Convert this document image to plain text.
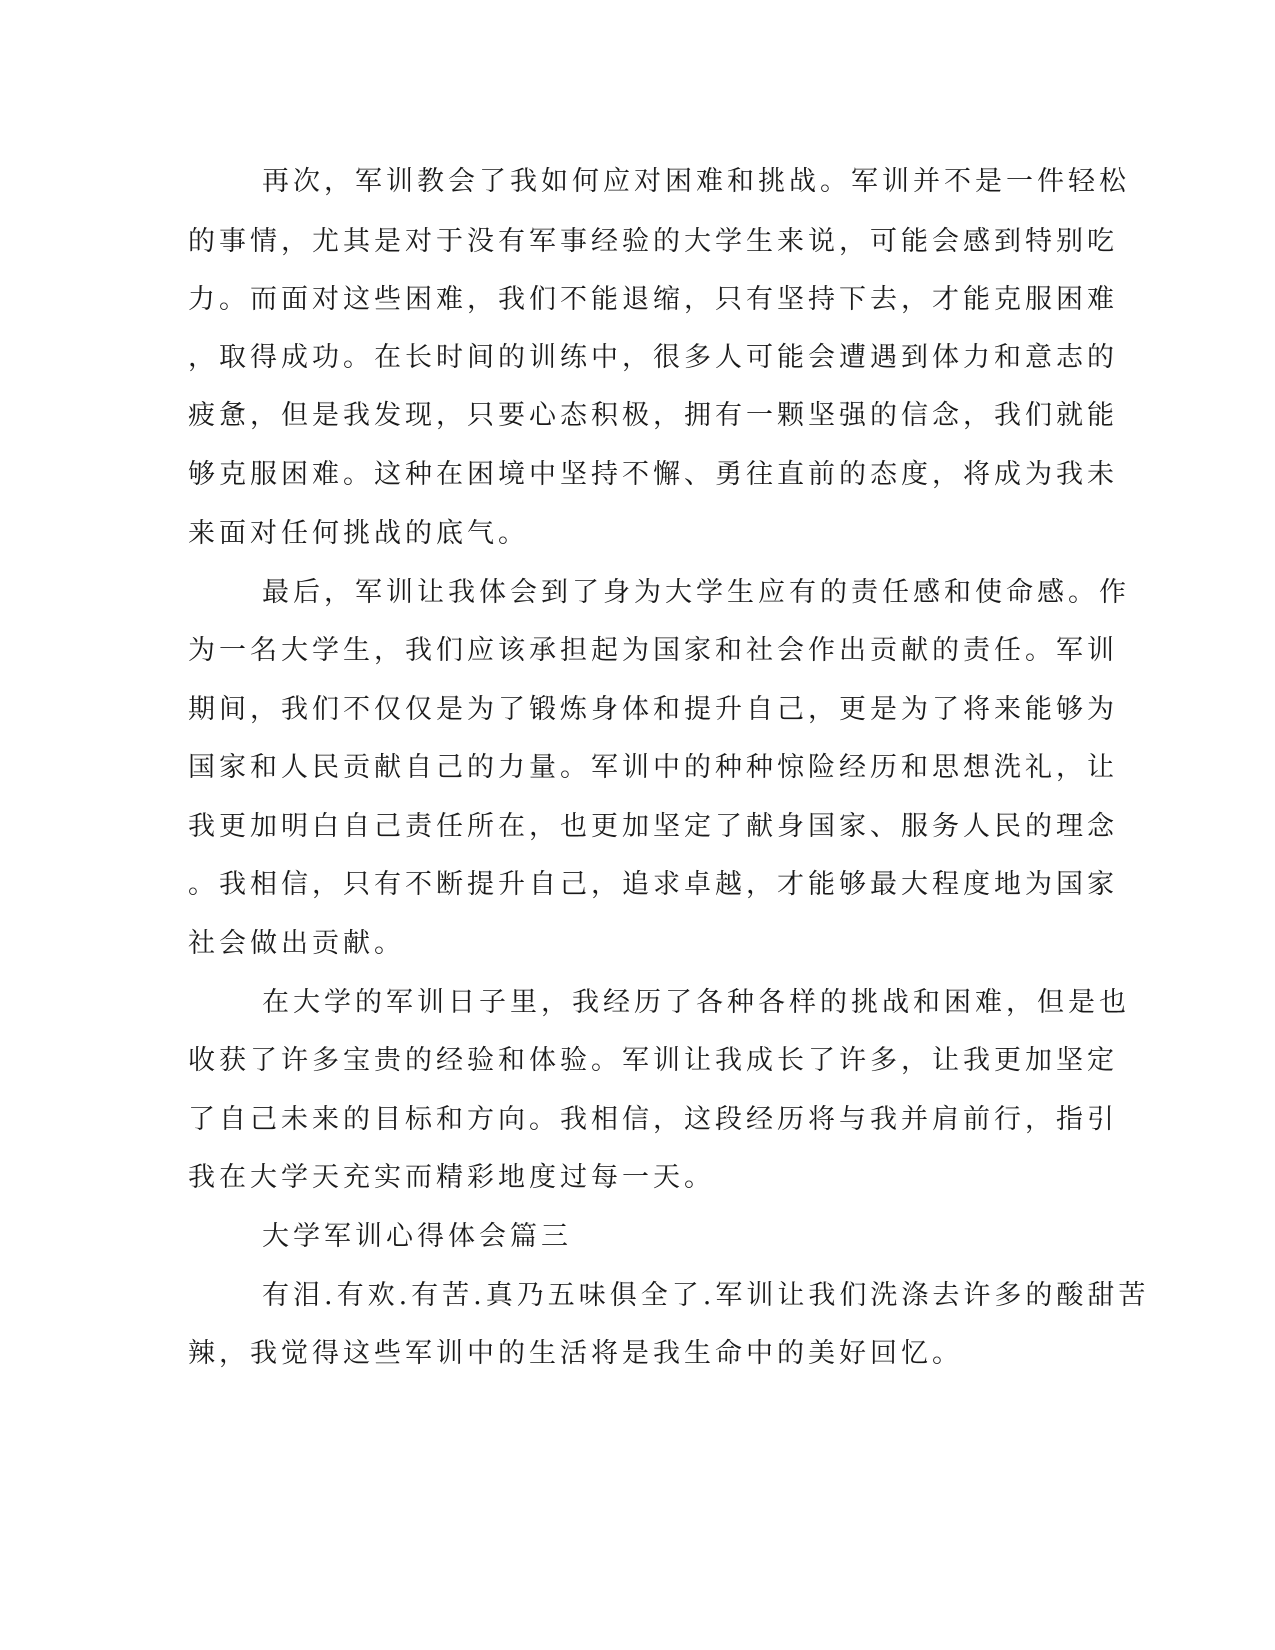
再次，军训教会了我如何应对困难和挑战。军训并不是一件轻松
的事情，尤其是对于没有军事经验的大学生来说，可能会感到特别吃
力。而面对这些困难，我们不能退缩，只有坚持下去，才能克服困难
，取得成功。在长时间的训练中，很多人可能会遭遇到体力和意志的
疲惫，但是我发现，只要心态积极，拥有一颗坚强的信念，我们就能
够克服困难。这种在困境中坚持不懈、勇往直前的态度，将成为我未
来面对任何挑战的底气。
最后，军训让我体会到了身为大学生应有的责任感和使命感。作
为一名大学生，我们应该承担起为国家和社会作出贡献的责任。军训
期间，我们不仅仅是为了锻炼身体和提升自己，更是为了将来能够为
国家和人民贡献自己的力量。军训中的种种惊险经历和思想洗礼，让
我更加明白自己责任所在，也更加坚定了献身国家、服务人民的理念
。我相信，只有不断提升自己，追求卓越，才能够最大程度地为国家
社会做出贡献。
在大学的军训日子里，我经历了各种各样的挑战和困难，但是也
收获了许多宝贵的经验和体验。军训让我成长了许多，让我更加坚定
了自己未来的目标和方向。我相信，这段经历将与我并肩前行，指引
我在大学天充实而精彩地度过每一天。
大学军训心得体会篇三
有泪.有欢.有苦.真乃五味俱全了.军训让我们洗涤去许多的酸甜苦
辣，我觉得这些军训中的生活将是我生命中的美好回忆。
